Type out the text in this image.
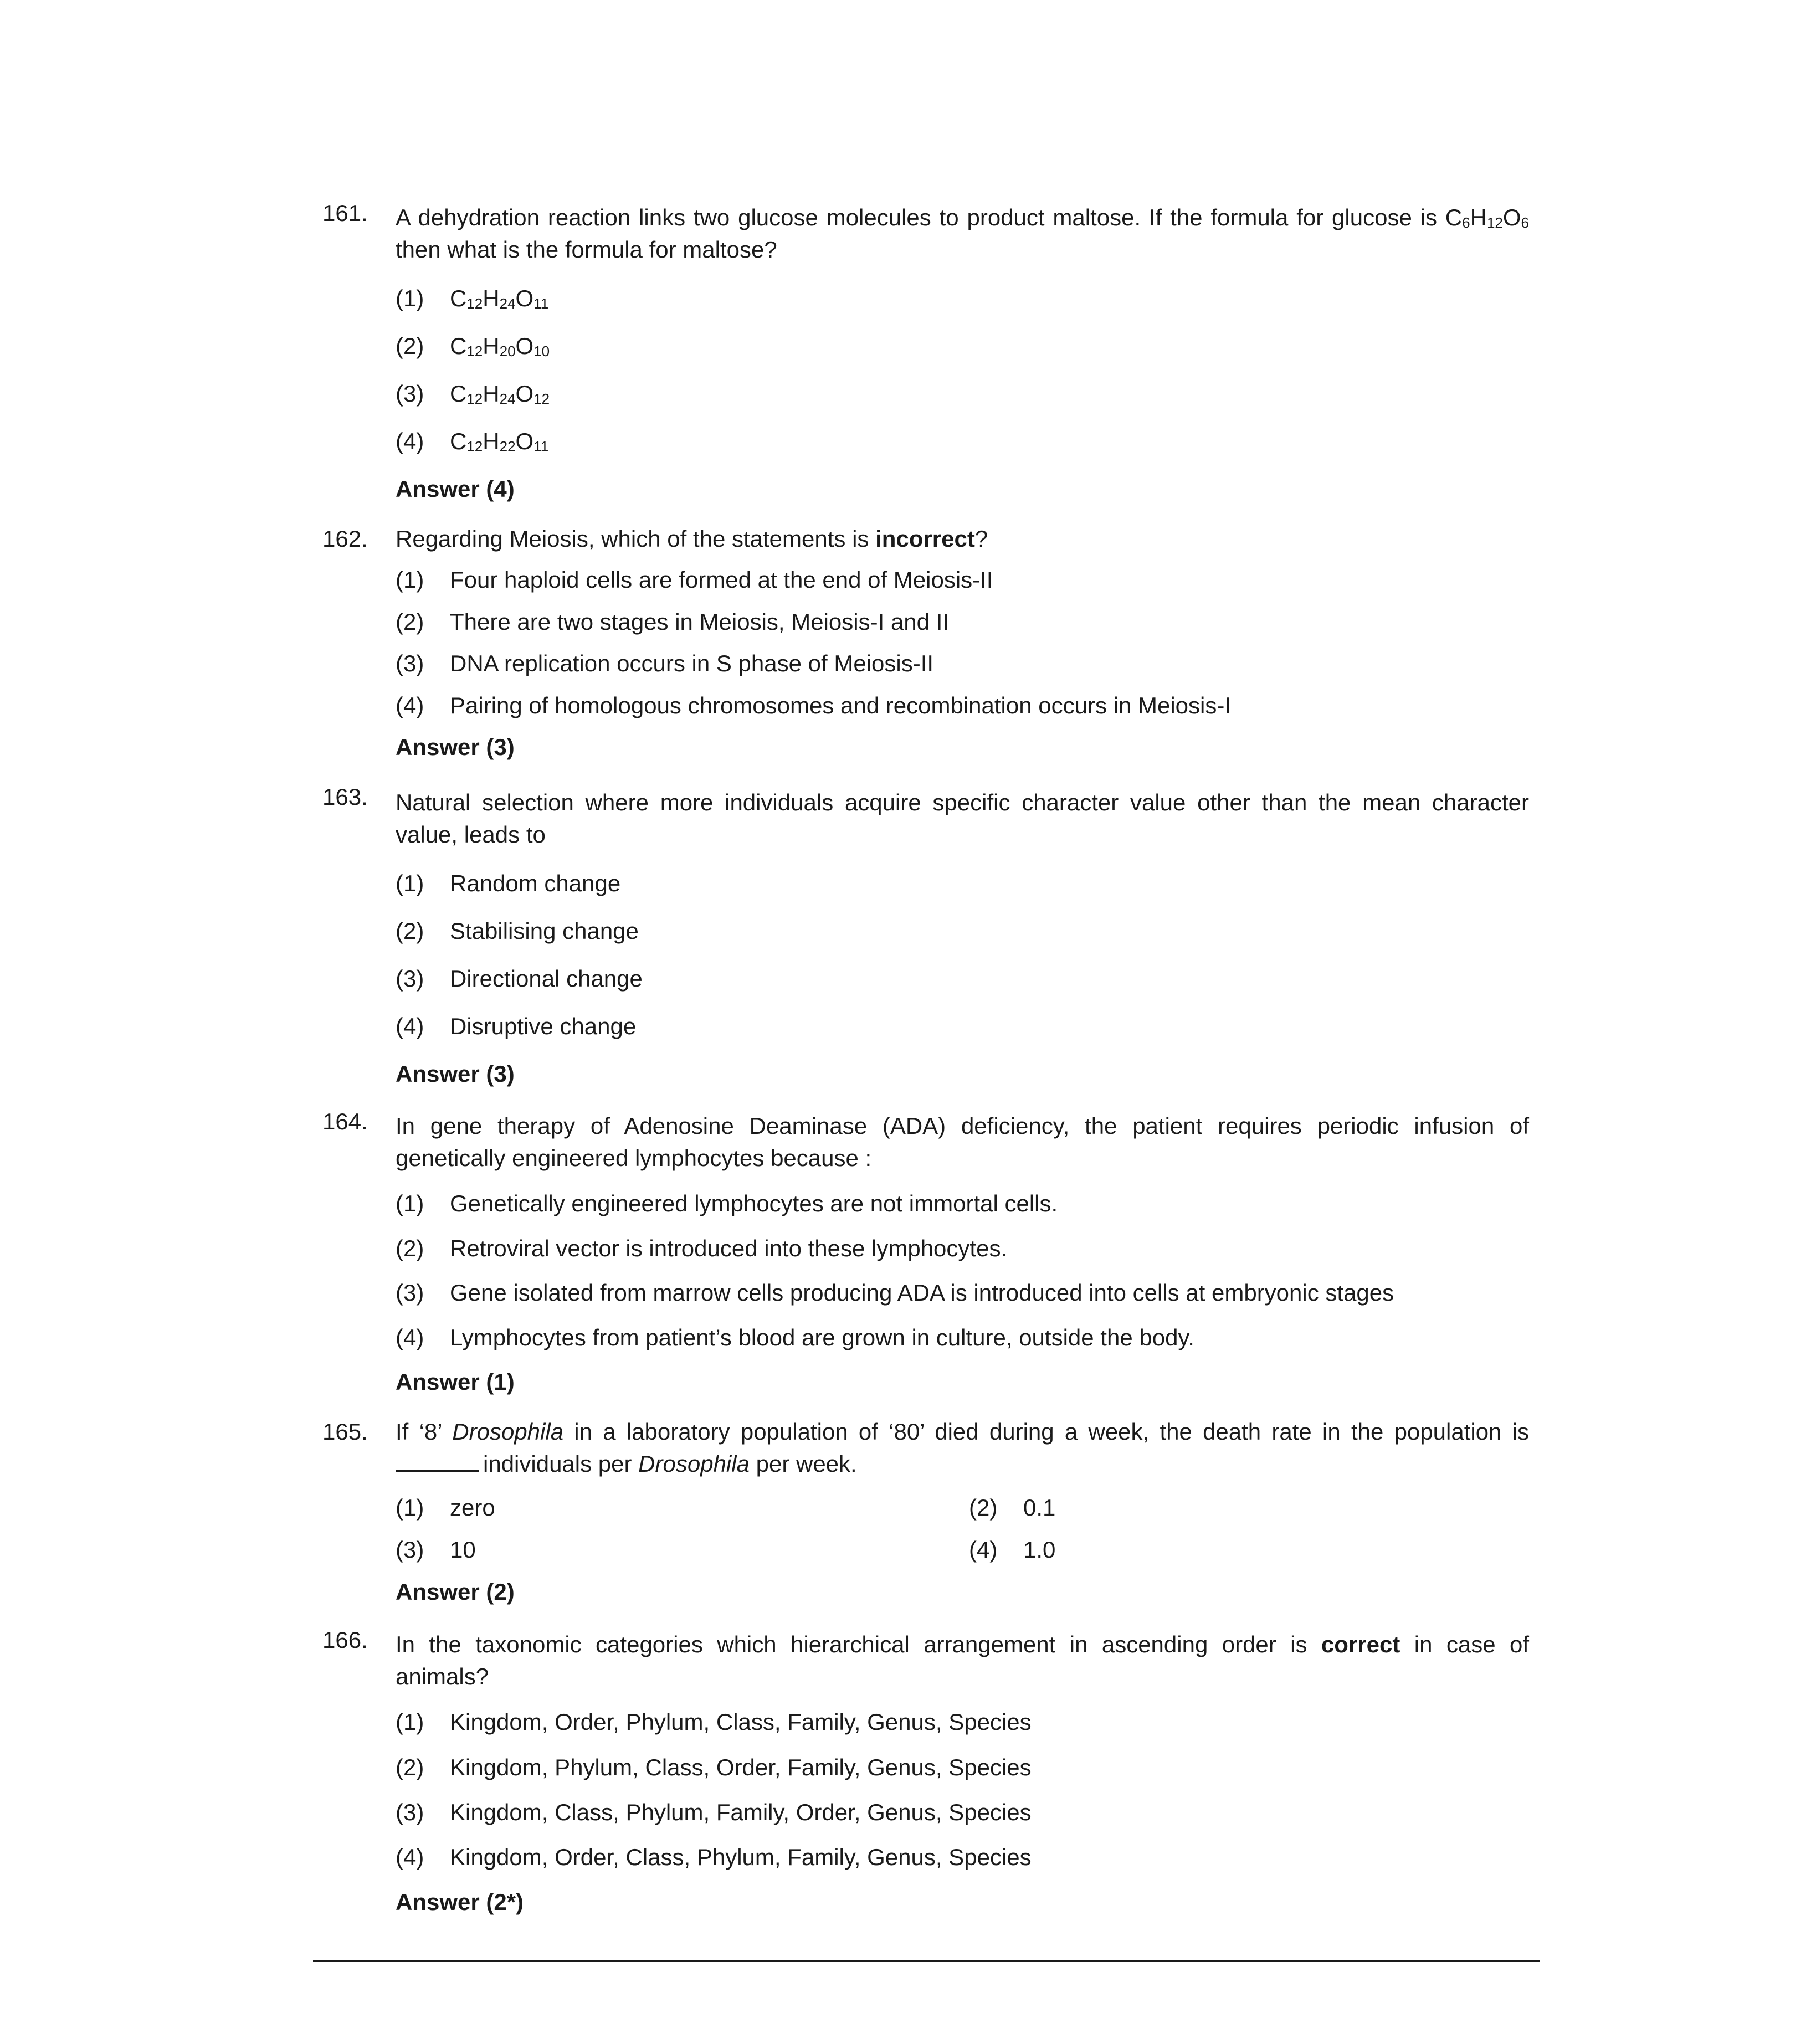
161. A dehydration reaction links two glucose molecules to product maltose. If the formula for glucose is $C_6H_{12}O_6$
then what is the formula for maltose?
(1) $C_{12}H_{24}O_{11}$
(2) $C_{12}H_{20}O_{10}$
(3) $C_{12}H_{24}O_{12}$
(4) $C_{12}H_{22}O_{11}$
Answer (4)
162. Regarding Meiosis, which of the statements is incorrect?
(1) Four haploid cells are formed at the end of Meiosis-II
(2) There are two stages in Meiosis, Meiosis-I and II
(3) DNA replication occurs in S phase of Meiosis-II
(4) Pairing of homologous chromosomes and recombination occurs in Meiosis-I
Answer (3)
163. Natural selection where more individuals acquire specific character value other than the mean character
value, leads to
(1) Random change
(2) Stabilising change
(3) Directional change
(4) Disruptive change
Answer (3)
164. In gene therapy of Adenosine Deaminase (ADA) deficiency, the patient requires periodic infusion of
genetically engineered lymphocytes because :
(1) Genetically engineered lymphocytes are not immortal cells.
(2) Retroviral vector is introduced into these lymphocytes.
(3) Gene isolated from marrow cells producing ADA is introduced into cells at embryonic stages
(4) Lymphocytes from patient’s blood are grown in culture, outside the body.
Answer (1)
165. If ‘8’ Drosophila in a laboratory population of ‘80’ died during a week, the death rate in the population is
individuals per Drosophila per week.
(1) zero	(2) 0.1
(3) 10	(4) 1.0
Answer (2)
166. In the taxonomic categories which hierarchical arrangement in ascending order is correct in case of
animals?
(1) Kingdom, Order, Phylum, Class, Family, Genus, Species
(2) Kingdom, Phylum, Class, Order, Family, Genus, Species
(3) Kingdom, Class, Phylum, Family, Order, Genus, Species
(4) Kingdom, Order, Class, Phylum, Family, Genus, Species
Answer (2*)
